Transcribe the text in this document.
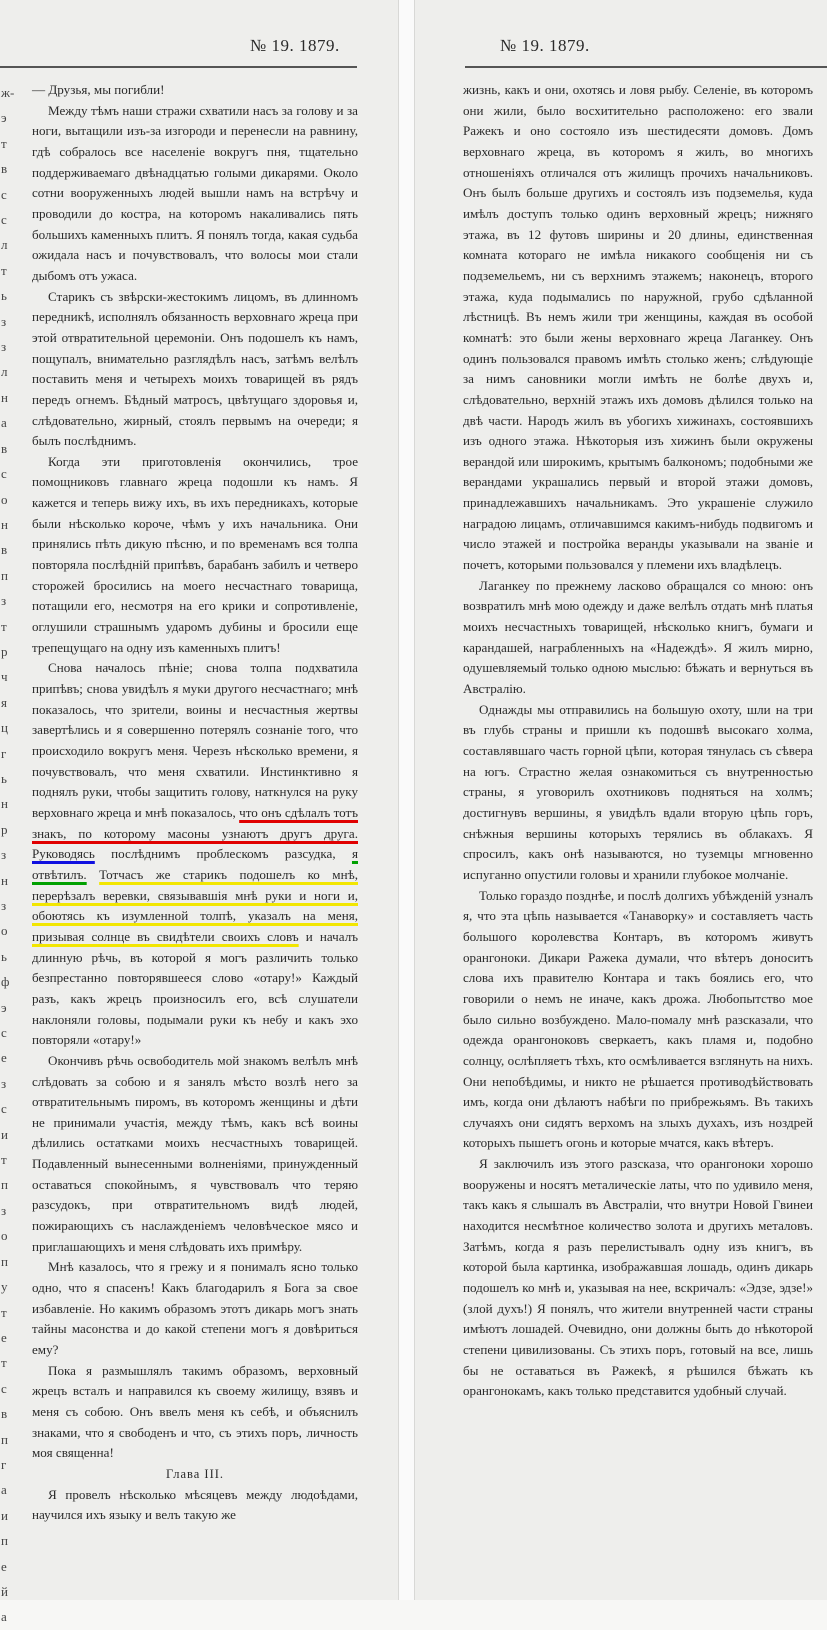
ж-
э
т
в
с
с
л
т
ь
з
з
л
н
а
в
с
о
н
в
п
з
т
р
ч
я
ц
г
ь
н
р
з
н
з
о
ь
ф
э
с
е
з
с
и
т
п
з
о
п
у
т
е
т
с
в
п
г
а
и
п
е
й
а
№ 19. 1879.

— Друзья, мы погибли!

Между тѣмъ наши стражи схватили насъ за голову и за ноги, вытащили изъ-за изгороди и перенесли на равнину, гдѣ собралось все населеніе вокругъ пня, тщательно поддерживаемаго двѣнадцатью голыми дикарями. Около сотни вооруженныхъ людей вышли намъ на встрѣчу и проводили до костра, на которомъ накаливались пять большихъ каменныхъ плитъ. Я понялъ тогда, какая судьба ожидала насъ и почувствовалъ, что волосы мои стали дыбомъ отъ ужаса.

Старикъ съ звѣрски-жестокимъ лицомъ, въ длинномъ передникѣ, исполнялъ обязанность верховнаго жреца при этой отвратительной церемоніи. Онъ подошелъ къ намъ, пощупалъ, внимательно разглядѣлъ насъ, затѣмъ велѣлъ поставить меня и четырехъ моихъ товарищей въ рядъ передъ огнемъ. Бѣдный матросъ, цвѣтущаго здоровья и, слѣдовательно, жирный, стоялъ первымъ на очереди; я былъ послѣднимъ.

Когда эти приготовленія окончились, трое помощниковъ главнаго жреца подошли къ намъ. Я кажется и теперь вижу ихъ, въ ихъ передникахъ, которые были нѣсколько короче, чѣмъ у ихъ начальника. Они принялись пѣть дикую пѣсню, и по временамъ вся толпа повторяла послѣдній припѣвъ, барабанъ забилъ и четверо сторожей бросились на моего несчастнаго товарища, потащили его, несмотря на его крики и сопротивленіе, оглушили страшнымъ ударомъ дубины и бросили еще трепещущаго на одну изъ каменныхъ плитъ!

Снова началось пѣніе; снова толпа подхватила припѣвъ; снова увидѣлъ я муки другого несчастнаго; мнѣ показалось, что зрители, воины и несчастныя жертвы завертѣлись и я совершенно потерялъ сознаніе того, что происходило вокругъ меня. Черезъ нѣсколько времени, я почувствовалъ, что меня схватили. Инстинктивно я поднялъ руки, чтобы защитить голову, наткнулся на руку верховнаго жреца и мнѣ показалось, что онъ сдѣлалъ тотъ знакъ, по которому масоны узнаютъ другъ друга. Руководясь послѣднимъ проблескомъ разсудка, я отвѣтилъ. Тотчасъ же старикъ подошелъ ко мнѣ, перерѣзалъ веревки, связывавшія мнѣ руки и ноги и, обоютясь къ изумленной толпѣ, указалъ на меня, призывая солнце въ свидѣтели своихъ словъ и началъ длинную рѣчь, въ которой я могъ различить только безпрестанно повторявшееся слово «отару!» Каждый разъ, какъ жрецъ произносилъ его, всѣ слушатели наклоняли головы, подымали руки къ небу и какъ эхо повторяли «отару!»

Окончивъ рѣчь освободитель мой знакомъ велѣлъ мнѣ слѣдовать за собою и я занялъ мѣсто возлѣ него за отвратительнымъ пиромъ, въ которомъ женщины и дѣти не принимали участія, между тѣмъ, какъ всѣ воины дѣлились остатками моихъ несчастныхъ товарищей. Подавленный вынесенными волненіями, принужденный оставаться спокойнымъ, я чувствовалъ что теряю разсудокъ, при отвратительномъ видѣ людей, пожирающихъ съ наслажденіемъ человѣческое мясо и приглашающихъ и меня слѣдовать ихъ примѣру.

Мнѣ казалось, что я грежу и я понималъ ясно только одно, что я спасенъ! Какъ благодарилъ я Бога за свое избавленіе. Но какимъ образомъ этотъ дикарь могъ знать тайны масонства и до какой степени могъ я довѣриться ему?

Пока я размышлялъ такимъ образомъ, верховный жрецъ всталъ и направился къ своему жилищу, взявъ и меня съ собою. Онъ ввелъ меня къ себѣ, и объяснилъ знаками, что я свободенъ и что, съ этихъ поръ, личность моя священна!

Глава III.

Я провелъ нѣсколько мѣсяцевъ между людоѣдами, научился ихъ языку и велъ такую же

№ 19. 1879.

жизнь, какъ и они, охотясь и ловя рыбу. Селеніе, въ которомъ они жили, было восхитительно расположено: его звали Ражекъ и оно состояло изъ шестидесяти домовъ. Домъ верховнаго жреца, въ которомъ я жилъ, во многихъ отношеніяхъ отличался отъ жилищъ прочихъ начальниковъ. Онъ былъ больше другихъ и состоялъ изъ подземелья, куда имѣлъ доступъ только одинъ верховный жрецъ; нижняго этажа, въ 12 футовъ ширины и 20 длины, единственная комната котораго не имѣла никакого сообщенія ни съ подземельемъ, ни съ верхнимъ этажемъ; наконецъ, второго этажа, куда подымались по наружной, грубо сдѣланной лѣстницѣ. Въ немъ жили три женщины, каждая въ особой комнатѣ: это были жены верховнаго жреца Лаганкеу. Онъ одинъ пользовался правомъ имѣть столько женъ; слѣдующіе за нимъ сановники могли имѣть не болѣе двухъ и, слѣдовательно, верхній этажъ ихъ домовъ дѣлился только на двѣ части. Народъ жилъ въ убогихъ хижинахъ, состоявшихъ изъ одного этажа. Нѣкоторыя изъ хижинъ были окружены верандой или широкимъ, крытымъ балкономъ; подобными же верандами украшались первый и второй этажи домовъ, принадлежавшихъ начальникамъ. Это украшеніе служило наградою лицамъ, отличавшимся какимъ-нибудь подвигомъ и число этажей и постройка веранды указывали на званіе и почетъ, которыми пользовался у племени ихъ владѣлецъ.

Лаганкеу по прежнему ласково обращался со мною: онъ возвратилъ мнѣ мою одежду и даже велѣлъ отдать мнѣ платья моихъ несчастныхъ товарищей, нѣсколько книгъ, бумаги и карандашей, награбленныхъ на «Надеждѣ». Я жилъ мирно, одушевляемый только одною мыслью: бѣжать и вернуться въ Австралію.

Однажды мы отправились на большую охоту, шли на три въ глубь страны и пришли къ подошвѣ высокаго холма, составлявшаго часть горной цѣпи, которая тянулась съ сѣвера на югъ. Страстно желая ознакомиться съ внутренностью страны, я уговорилъ охотниковъ подняться на холмъ; достигнувъ вершины, я увидѣлъ вдали вторую цѣпь горъ, снѣжныя вершины которыхъ терялись въ облакахъ. Я спросилъ, какъ онѣ называются, но туземцы мгновенно испуганно опустили головы и хранили глубокое молчаніе.

Только гораздо позднѣе, и послѣ долгихъ убѣжденій узналъ я, что эта цѣпь называется «Танаворку» и составляетъ часть большого королевства Контаръ, въ которомъ живутъ орангоноки. Дикари Ражека думали, что вѣтеръ доноситъ слова ихъ правителю Контара и такъ боялись его, что говорили о немъ не иначе, какъ дрожа. Любопытство мое было сильно возбуждено. Мало-помалу мнѣ разсказали, что одежда орангоноковъ сверкаетъ, какъ пламя и, подобно солнцу, ослѣпляетъ тѣхъ, кто осмѣливается взглянуть на нихъ. Они непобѣдимы, и никто не рѣшается противодѣйствовать имъ, когда они дѣлаютъ набѣги по прибрежьямъ. Въ такихъ случаяхъ они сидятъ верхомъ на злыхъ духахъ, изъ ноздрей которыхъ пышетъ огонь и которые мчатся, какъ вѣтеръ.

Я заключилъ изъ этого разсказа, что орангоноки хорошо вооружены и носятъ металическіе латы, что по удивило меня, такъ какъ я слышалъ въ Австраліи, что внутри Новой Гвинеи находится несмѣтное количество золота и другихъ металовъ. Затѣмъ, когда я разъ перелистывалъ одну изъ книгъ, въ которой была картинка, изображавшая лошадь, одинъ дикарь подошелъ ко мнѣ и, указывая на нее, вскричалъ: «Эдзе, эдзе!» (злой духъ!) Я понялъ, что жители внутренней части страны имѣютъ лошадей. Очевидно, они должны быть до нѣкоторой степени цивилизованы. Съ этихъ поръ, готовый на все, лишь бы не оставаться въ Ражекѣ, я рѣшился бѣжать къ орангонокамъ, какъ только представится удобный случай.
